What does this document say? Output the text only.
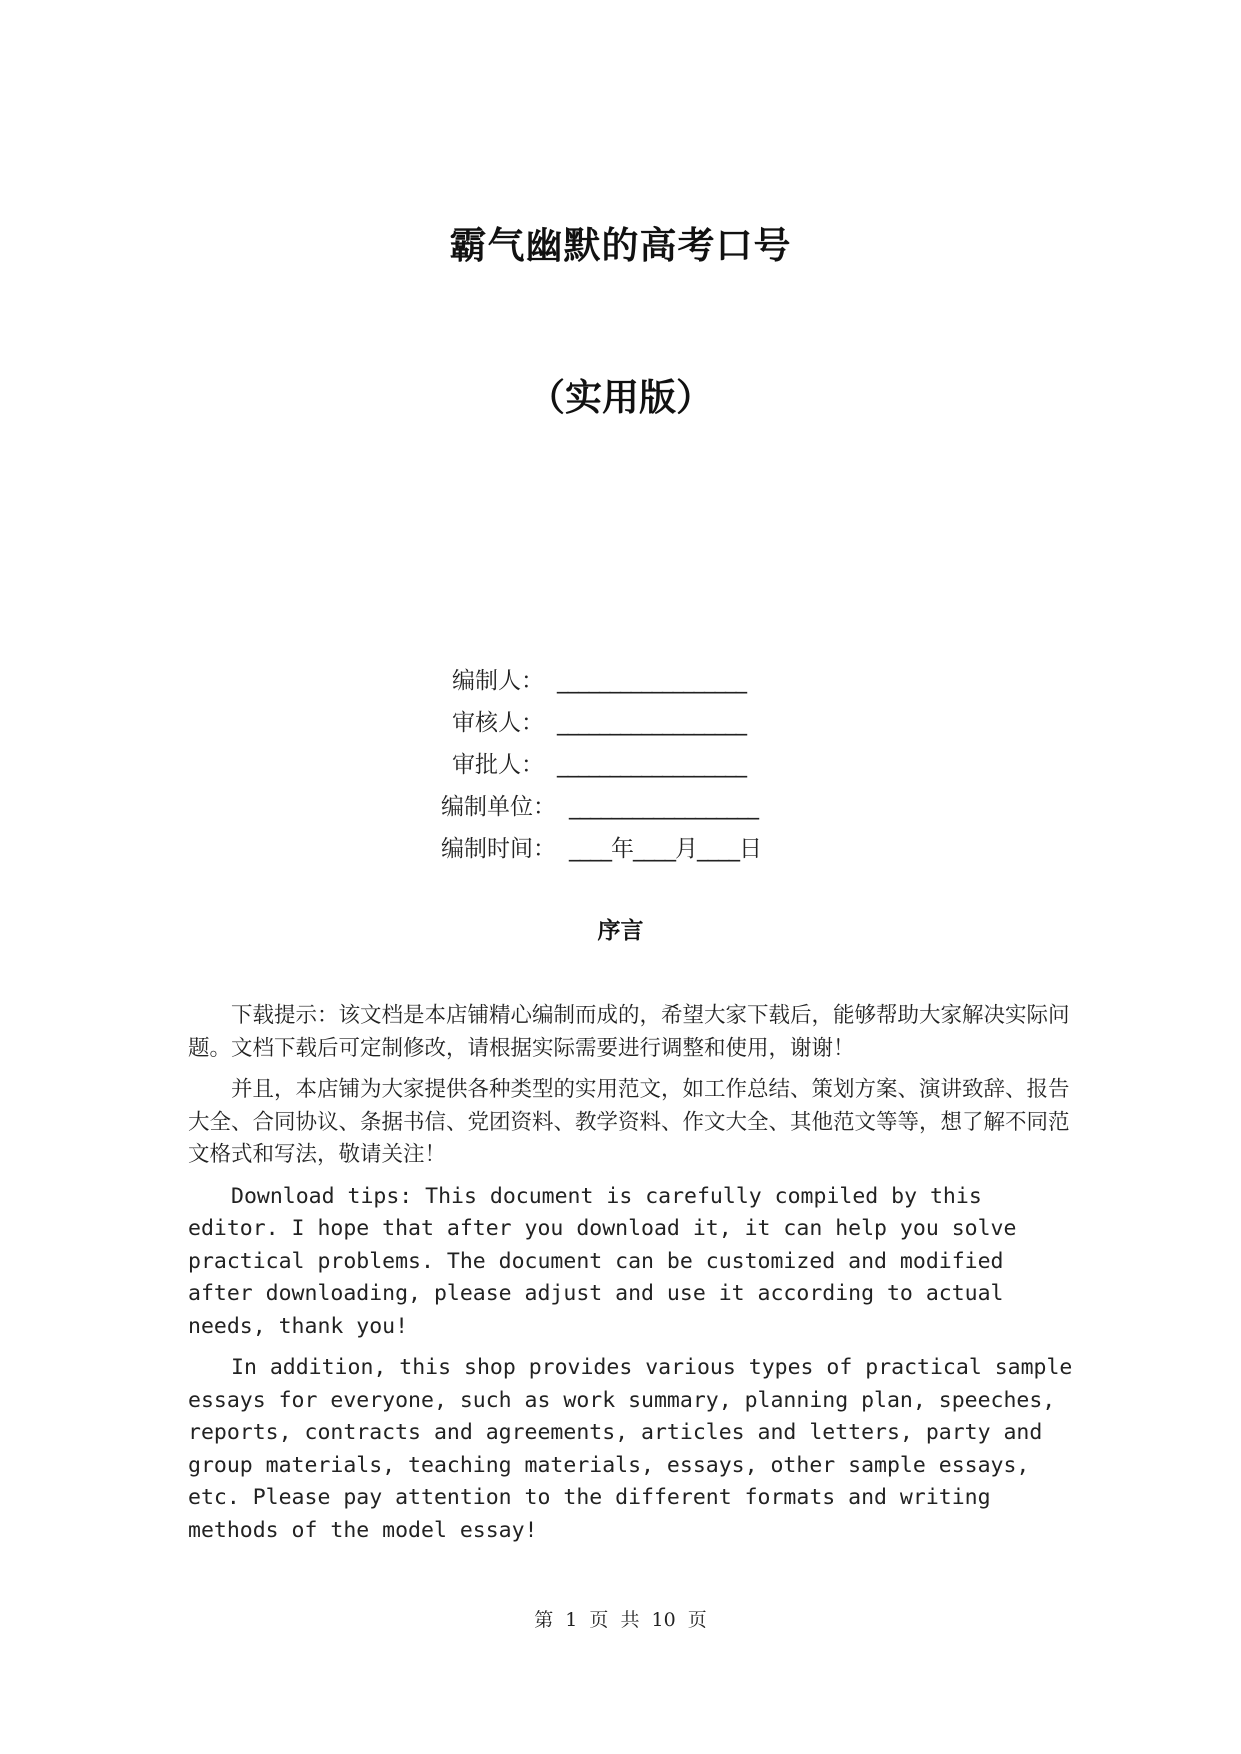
霸气幽默的高考口号
（实用版）
编制人： __________________
审核人： __________________
审批人： __________________
编制单位： __________________
编制时间： ____年____月____日
序言

下载提示：该文档是本店铺精心编制而成的，希望大家下载后，能够帮助大家解决实际问题。文档下载后可定制修改，请根据实际需要进行调整和使用，谢谢！

并且，本店铺为大家提供各种类型的实用范文，如工作总结、策划方案、演讲致辞、报告大全、合同协议、条据书信、党团资料、教学资料、作文大全、其他范文等等，想了解不同范文格式和写法，敬请关注！

Download tips: This document is carefully compiled by this editor. I hope that after you download it, it can help you solve practical problems. The document can be customized and modified after downloading, please adjust and use it according to actual needs, thank you!

In addition, this shop provides various types of practical sample essays for everyone, such as work summary, planning plan, speeches, reports, contracts and agreements, articles and letters, party and group materials, teaching materials, essays, other sample essays, etc. Please pay attention to the different formats and writing methods of the model essay!

第 1 页 共 10 页
